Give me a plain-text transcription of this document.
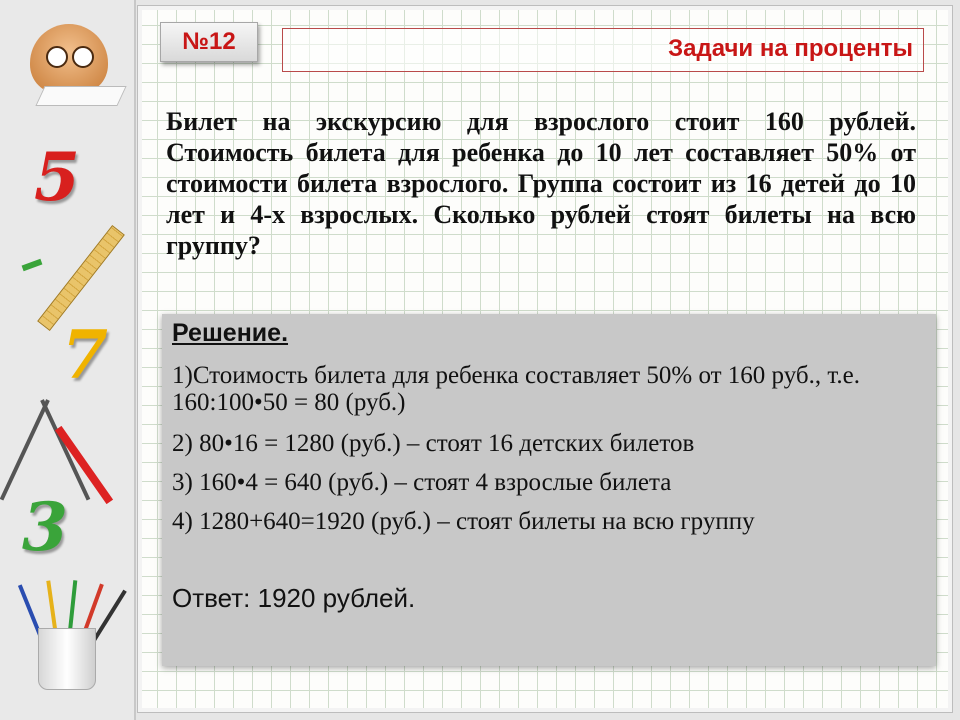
5
7
3
№12	Задачи на проценты
Билет на экскурсию для взрослого стоит 160 рублей. Стоимость билета для ребенка до 10 лет составляет 50% от стоимости билета взрослого. Группа состоит из 16 детей до 10 лет и 4-х взрослых. Сколько рублей стоят билеты на всю группу?
Решение.
1)Стоимость билета для ребенка составляет 50% от 160 руб., т.е. 160:100•50 = 80 (руб.)
2) 80•16 = 1280 (руб.) – стоят 16 детских билетов
3) 160•4 = 640 (руб.) – стоят 4 взрослые билета
4) 1280+640=1920 (руб.) – стоят билеты на всю группу
Ответ: 1920 рублей.
